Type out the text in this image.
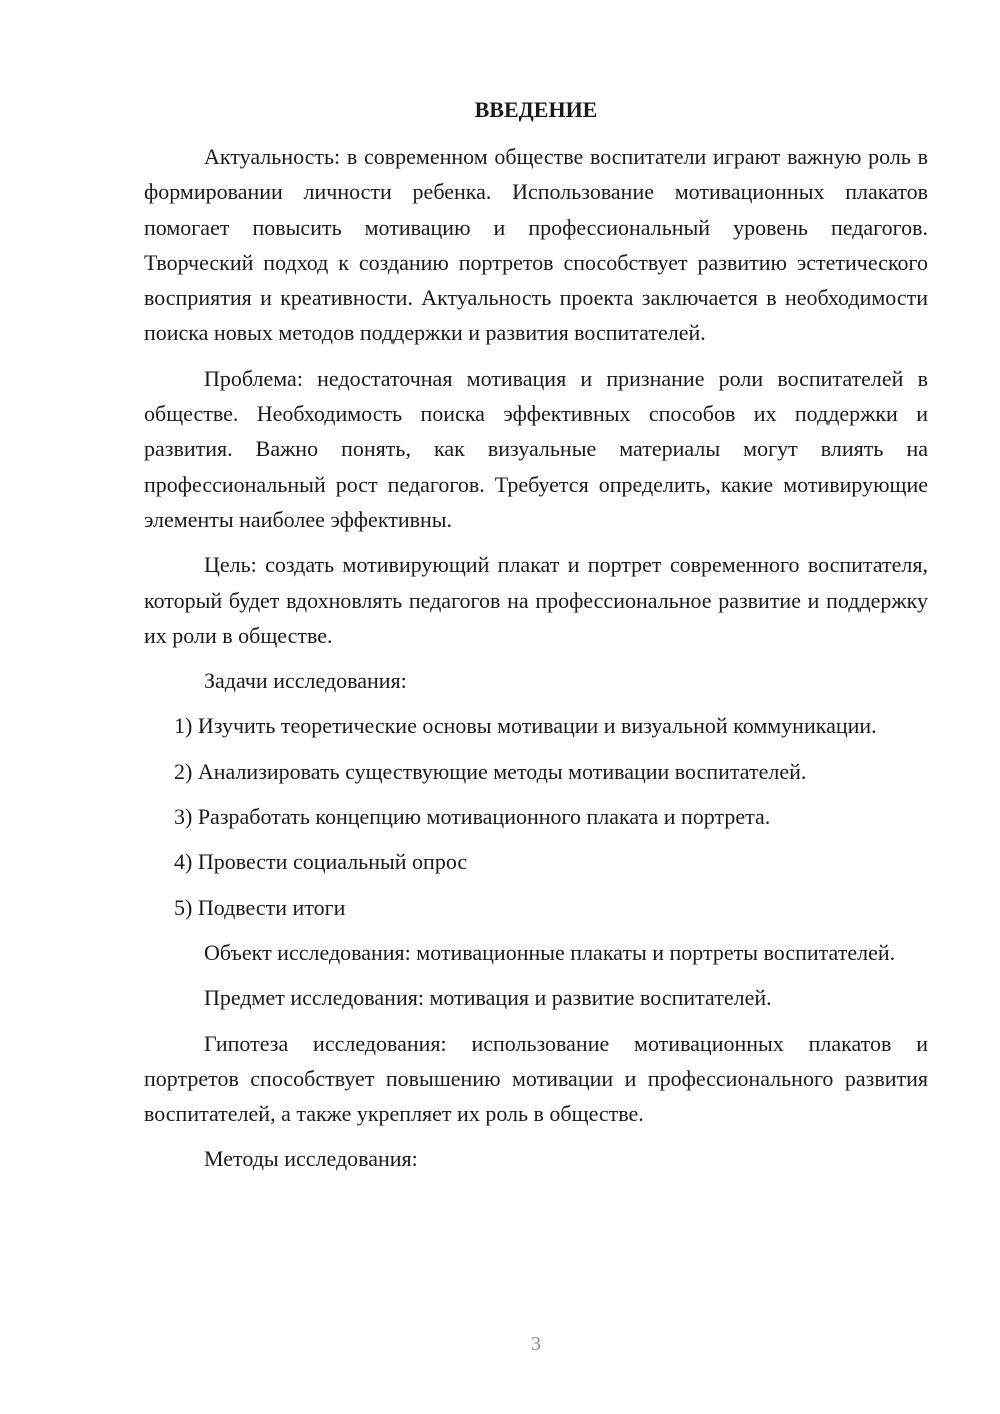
ВВЕДЕНИЕ

Актуальность: в современном обществе воспитатели играют важную роль в формировании личности ребенка. Использование мотивационных плакатов помогает повысить мотивацию и профессиональный уровень педагогов. Творческий подход к созданию портретов способствует развитию эстетического восприятия и креативности. Актуальность проекта заключается в необходимости поиска новых методов поддержки и развития воспитателей.

Проблема: недостаточная мотивация и признание роли воспитателей в обществе. Необходимость поиска эффективных способов их поддержки и развития. Важно понять, как визуальные материалы могут влиять на профессиональный рост педагогов. Требуется определить, какие мотивирующие элементы наиболее эффективны.

Цель: создать мотивирующий плакат и портрет современного воспитателя, который будет вдохновлять педагогов на профессиональное развитие и поддержку их роли в обществе.

Задачи исследования:

1) Изучить теоретические основы мотивации и визуальной коммуникации.

2) Анализировать существующие методы мотивации воспитателей.

3) Разработать концепцию мотивационного плаката и портрета.

4) Провести социальный опрос

5) Подвести итоги

Объект исследования: мотивационные плакаты и портреты воспитателей.

Предмет исследования: мотивация и развитие воспитателей.

Гипотеза исследования: использование мотивационных плакатов и портретов способствует повышению мотивации и профессионального развития воспитателей, а также укрепляет их роль в обществе.

Методы исследования:

3
